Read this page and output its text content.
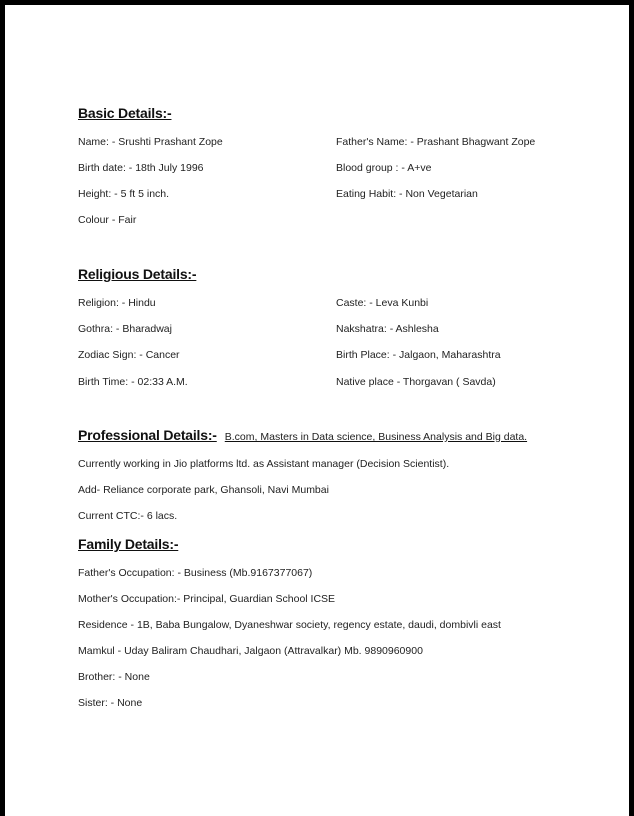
Basic Details:-
Name: - Srushti Prashant Zope	Father's Name: - Prashant Bhagwant Zope
Birth date: - 18th July 1996	Blood group : - A+ve
Height: - 5 ft 5 inch.	Eating Habit: - Non Vegetarian
Colour - Fair
Religious Details:-
Religion: - Hindu	Caste: - Leva Kunbi
Gothra: - Bharadwaj	Nakshatra: - Ashlesha
Zodiac Sign: - Cancer	Birth Place: - Jalgaon, Maharashtra
Birth Time: - 02:33 A.M.	Native place - Thorgavan ( Savda)
Professional Details:- B.com, Masters in Data science, Business Analysis and Big data.
Currently working in Jio platforms ltd. as Assistant manager (Decision Scientist).
Add- Reliance corporate park, Ghansoli, Navi Mumbai
Current CTC:- 6 lacs.
Family Details:-
Father's Occupation: - Business (Mb.9167377067)
Mother's Occupation:- Principal, Guardian School ICSE
Residence - 1B, Baba Bungalow, Dyaneshwar society, regency estate, daudi, dombivli east
Mamkul - Uday Baliram Chaudhari, Jalgaon (Attravalkar) Mb. 9890960900
Brother: - None
Sister: - None
